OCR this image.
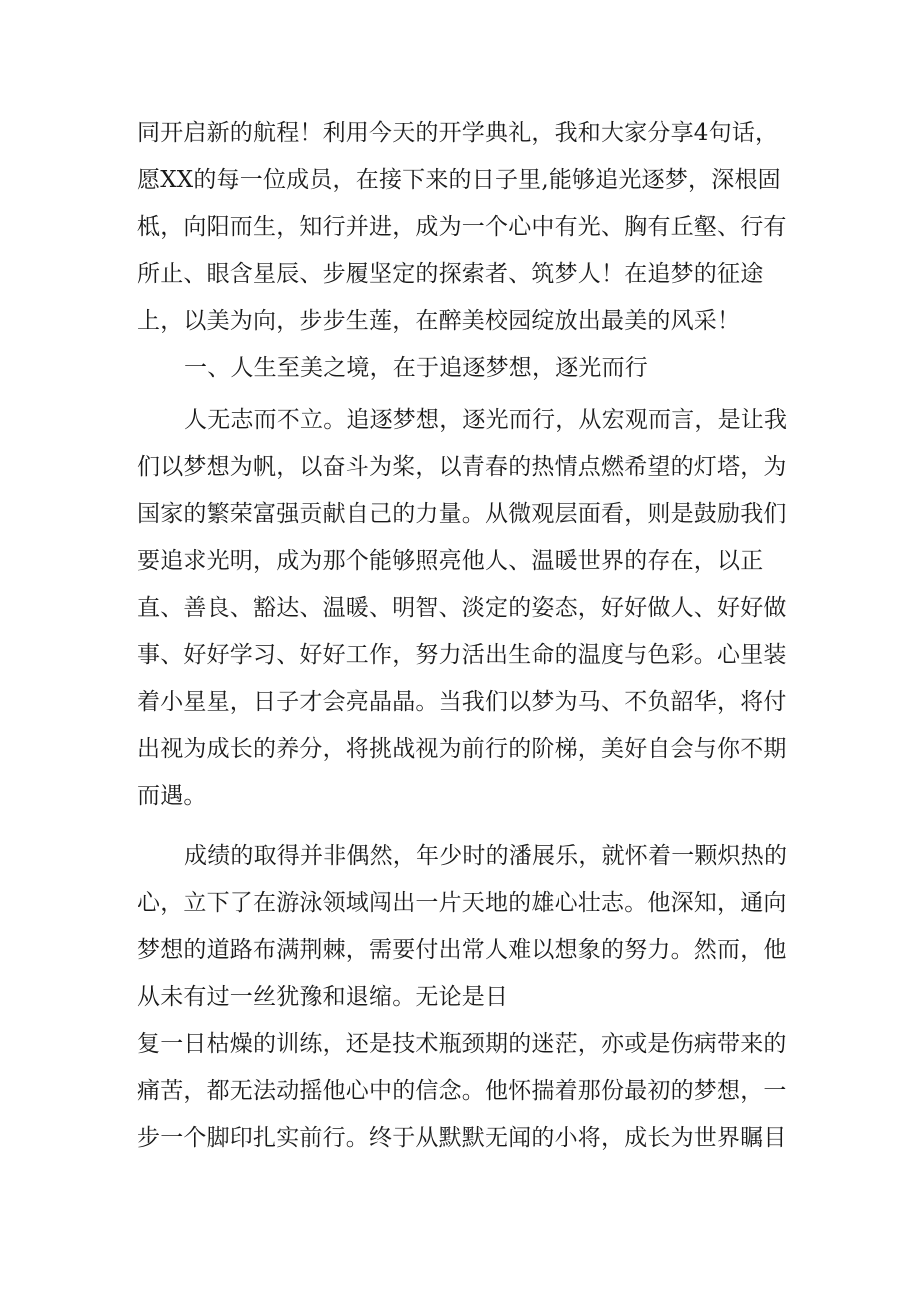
同开启新的航程！利用今天的开学典礼，我和大家分享4句话，
愿XX的每一位成员，在接下来的日子里,能够追光逐梦，深根固
柢，向阳而生，知行并进，成为一个心中有光、胸有丘壑、行有
所止、眼含星辰、步履坚定的探索者、筑梦人！在追梦的征途
上，以美为向，步步生莲，在醉美校园绽放出最美的风采！
一、人生至美之境，在于追逐梦想，逐光而行
人无志而不立。追逐梦想，逐光而行，从宏观而言，是让我
们以梦想为帆，以奋斗为桨，以青春的热情点燃希望的灯塔，为
国家的繁荣富强贡献自己的力量。从微观层面看，则是鼓励我们
要追求光明，成为那个能够照亮他人、温暖世界的存在，以正
直、善良、豁达、温暖、明智、淡定的姿态，好好做人、好好做
事、好好学习、好好工作，努力活出生命的温度与色彩。心里装
着小星星，日子才会亮晶晶。当我们以梦为马、不负韶华，将付
出视为成长的养分，将挑战视为前行的阶梯，美好自会与你不期
而遇。
成绩的取得并非偶然，年少时的潘展乐，就怀着一颗炽热的
心，立下了在游泳领域闯出一片天地的雄心壮志。他深知，通向
梦想的道路布满荆棘，需要付出常人难以想象的努力。然而，他
从未有过一丝犹豫和退缩。无论是日
复一日枯燥的训练，还是技术瓶颈期的迷茫，亦或是伤病带来的
痛苦，都无法动摇他心中的信念。他怀揣着那份最初的梦想，一
步一个脚印扎实前行。终于从默默无闻的小将，成长为世界瞩目
